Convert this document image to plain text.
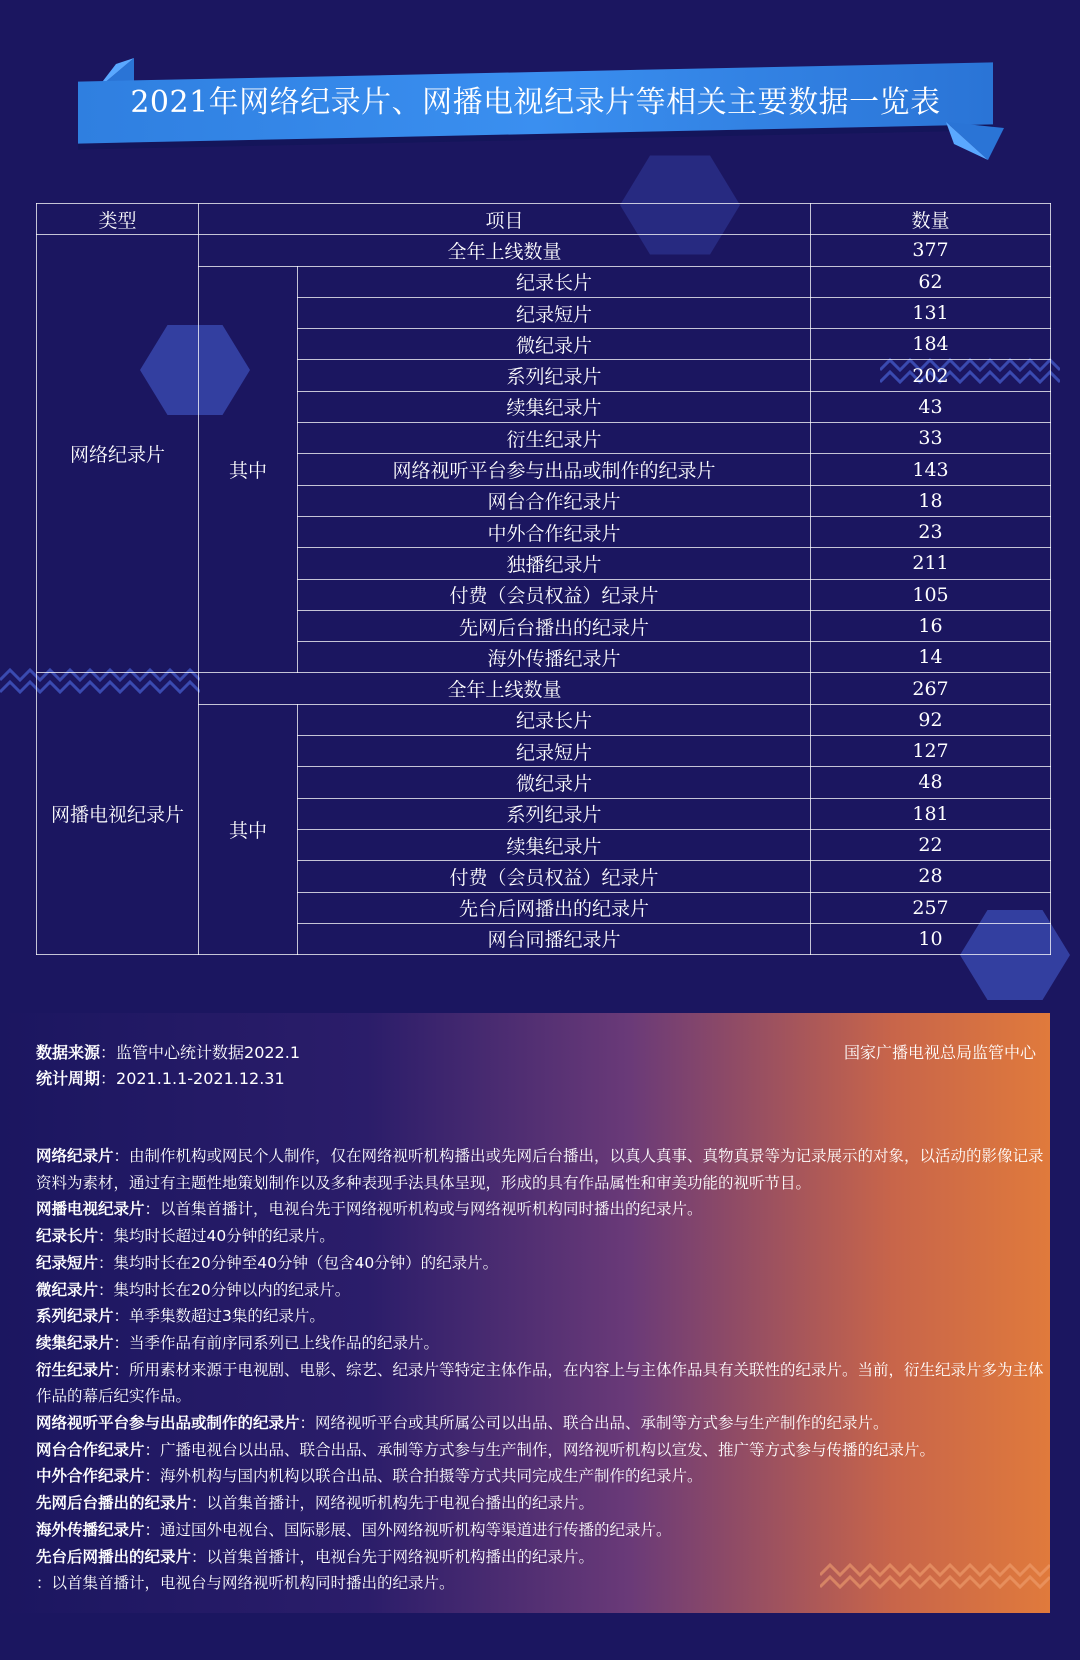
2021年网络纪录片、网播电视纪录片等相关主要数据一览表
类型	项目		数量
网络纪录片	全年上线数量		377
	其中	纪录长片	62
		纪录短片	131
		微纪录片	184
		系列纪录片	202
		续集纪录片	43
		衍生纪录片	33
		网络视听平台参与出品或制作的纪录片	143
		网台合作纪录片	18
		中外合作纪录片	23
		独播纪录片	211
		付费（会员权益）纪录片	105
		先网后台播出的纪录片	16
		海外传播纪录片	14
网播电视纪录片	全年上线数量		267
	其中	纪录长片	92
		纪录短片	127
		微纪录片	48
		系列纪录片	181
		续集纪录片	22
		付费（会员权益）纪录片	28
		先台后网播出的纪录片	257
		网台同播纪录片	10
数据来源：监管中心统计数据2022.1
统计周期：2021.1.1-2021.12.31
国家广播电视总局监管中心

网络纪录片：由制作机构或网民个人制作，仅在网络视听机构播出或先网后台播出，以真人真事、真物真景等为记录展示的对象，以活动的影像记录资料为素材，通过有主题性地策划制作以及多种表现手法具体呈现，形成的具有作品属性和审美功能的视听节目。

网播电视纪录片：以首集首播计，电视台先于网络视听机构或与网络视听机构同时播出的纪录片。

纪录长片：集均时长超过40分钟的纪录片。

纪录短片：集均时长在20分钟至40分钟（包含40分钟）的纪录片。

微纪录片：集均时长在20分钟以内的纪录片。

系列纪录片：单季集数超过3集的纪录片。

续集纪录片：当季作品有前序同系列已上线作品的纪录片。

衍生纪录片：所用素材来源于电视剧、电影、综艺、纪录片等特定主体作品，在内容上与主体作品具有关联性的纪录片。当前，衍生纪录片多为主体作品的幕后纪实作品。

网络视听平台参与出品或制作的纪录片：网络视听平台或其所属公司以出品、联合出品、承制等方式参与生产制作的纪录片。

网台合作纪录片：广播电视台以出品、联合出品、承制等方式参与生产制作，网络视听机构以宣发、推广等方式参与传播的纪录片。

中外合作纪录片：海外机构与国内机构以联合出品、联合拍摄等方式共同完成生产制作的纪录片。

先网后台播出的纪录片：以首集首播计，网络视听机构先于电视台播出的纪录片。

海外传播纪录片：通过国外电视台、国际影展、国外网络视听机构等渠道进行传播的纪录片。

先台后网播出的纪录片：以首集首播计，电视台先于网络视听机构播出的纪录片。

：以首集首播计，电视台与网络视听机构同时播出的纪录片。
